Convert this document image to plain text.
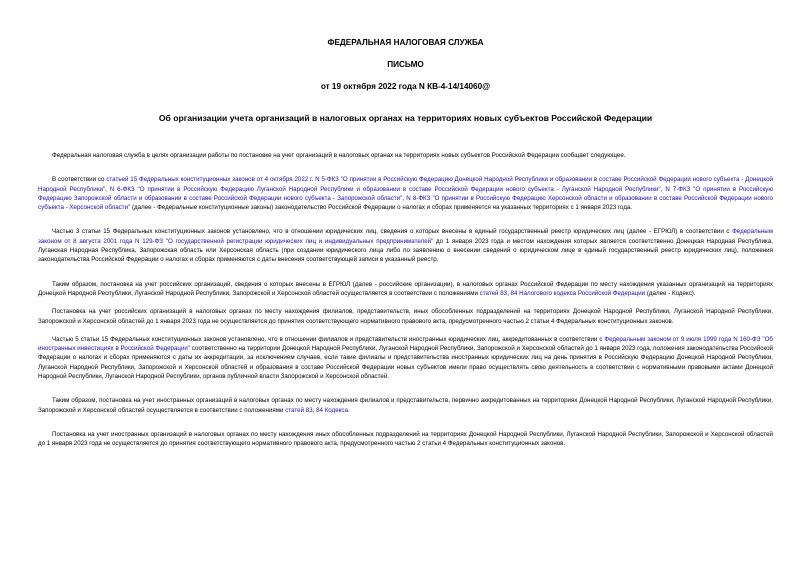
ФЕДЕРАЛЬНАЯ НАЛОГОВАЯ СЛУЖБА
ПИСЬМО
от 19 октября 2022 года N КВ-4-14/14060@
Об организации учета организаций в налоговых органах на территориях новых субъектов Российской Федерации

Федеральная налоговая служба в целях организации работы по постановке на учет организаций в налоговых органах на территориях новых субъектов Российской Федерации сообщает следующее.

В соответствии со статьей 15 Федеральных конституционных законов от 4 октября 2022 г. N 5-ФКЗ "О принятии в Российскую Федерацию Донецкой Народной Республики и образовании в составе Российской Федерации нового субъекта - Донецкой Народной Республики", N 6-ФКЗ "О принятии в Российскую Федерацию Луганской Народной Республики и образовании в составе Российской Федерации нового субъекта - Луганской Народной Республики", N 7-ФКЗ "О принятии в Российскую Федерацию Запорожской области и образовании в составе Российской Федерации нового субъекта - Запорожской области", N 8-ФКЗ "О принятии в Российскую Федерацию Херсонской области и образовании в составе Российской Федерации нового субъекта - Херсонской области" (далее - Федеральные конституционные законы) законодательство Российской Федерации о налогах и сборах применяется на указанных территориях с 1 января 2023 года.

Частью 3 статьи 15 Федеральных конституционных законов установлено, что в отношении юридических лиц, сведения о которых внесены в единый государственный реестр юридических лиц (далее - ЕГРЮЛ) в соответствии с Федеральным законом от 8 августа 2001 года N 129-ФЗ "О государственной регистрации юридических лиц и индивидуальных предпринимателей" до 1 января 2023 года и местом нахождения которых является соответственно Донецкая Народная Республика, Луганская Народная Республика, Запорожская область или Херсонская область (при создании юридического лица либо по заявлению о внесении сведений о юридическом лице в единый государственный реестр юридических лиц), положения законодательства Российской Федерации о налогах и сборах применяются с даты внесения соответствующей записи в указанный реестр.

Таким образом, постановка на учет российских организаций, сведения о которых внесены в ЕГРЮЛ (далее - российские организации), в налоговых органах Российской Федерации по месту нахождения указанных организаций на территориях Донецкой Народной Республики, Луганской Народной Республики, Запорожской и Херсонской областей осуществляется в соответствии с положениями статей 83, 84 Налогового кодекса Российской Федерации (далее - Кодекс).

Постановка на учет российских организаций в налоговых органах по месту нахождения филиалов, представительств, иных обособленных подразделений на территориях Донецкой Народной Республики, Луганской Народной Республики, Запорожской и Херсонской областей до 1 января 2023 года не осуществляется до принятия соответствующего нормативного правового акта, предусмотренного частью 2 статьи 4 Федеральных конституционных законов.

Частью 5 статьи 15 Федеральных конституционных законов установлено, что в отношении филиалов и представительств иностранных юридических лиц, аккредитованных в соответствии с Федеральным законом от 9 июля 1999 года N 160-ФЗ "Об иностранных инвестициях в Российской Федерации" соответственно на территории Донецкой Народной Республики, Луганской Народной Республики, Запорожской и Херсонской областей до 1 января 2023 года, положения законодательства Российской Федерации о налогах и сборах применяются с даты их аккредитации, за исключением случаев, если такие филиалы и представительства иностранных юридических лиц на день принятия в Российскую Федерацию Донецкой Народной Республики, Луганской Народной Республики, Запорожской и Херсонской областей и образования в составе Российской Федерации новых субъектов имели право осуществлять свою деятельность в соответствии с нормативными правовыми актами Донецкой Народной Республики, Луганской Народной Республики, органов публичной власти Запорожской и Херсонской областей.

Таким образом, постановка на учет иностранных организаций в налоговых органах по месту нахождения филиалов и представительств, первично аккредитованных на территориях Донецкой Народной Республики, Луганской Народной Республики, Запорожской и Херсонской областей осуществляется в соответствии с положениями статей 83, 84 Кодекса.

Постановка на учет иностранных организаций в налоговых органах по месту нахождения иных обособленных подразделений на территориях Донецкой Народной Республики, Луганской Народной Республики, Запорожской и Херсонской областей до 1 января 2023 года не осуществляется до принятия соответствующего нормативного правового акта, предусмотренного частью 2 статьи 4 Федеральных конституционных законов.
